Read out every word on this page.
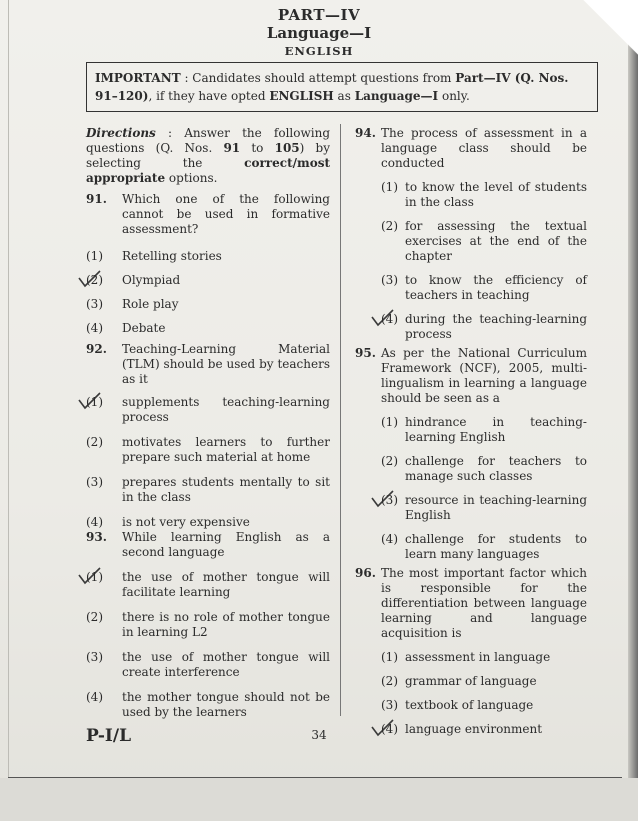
PART—IV
Language—I
ENGLISH
IMPORTANT : Candidates should attempt questions from Part—IV (Q. Nos. 91–120), if they have opted ENGLISH as Language—I only.
Directions : Answer the following questions (Q. Nos. 91 to 105) by selecting the correct/most appropriate options.
91. Which one of the following cannot be used in formative assessment?
(1) Retelling stories
(2) Olympiad
(3) Role play
(4) Debate
92. Teaching-Learning Material (TLM) should be used by teachers as it
(1) supplements teaching-learning process
(2) motivates learners to further prepare such material at home
(3) prepares students mentally to sit in the class
(4) is not very expensive
93. While learning English as a second language
(1) the use of mother tongue will facilitate learning
(2) there is no role of mother tongue in learning L2
(3) the use of mother tongue will create interference
(4) the mother tongue should not be used by the learners
94. The process of assessment in a language class should be conducted
(1) to know the level of students in the class
(2) for assessing the textual exercises at the end of the chapter
(3) to know the efficiency of teachers in teaching
(4) during the teaching-learning process
95. As per the National Curriculum Framework (NCF), 2005, multi-lingualism in learning a language should be seen as a
(1) hindrance in teaching-learning English
(2) challenge for teachers to manage such classes
(3) resource in teaching-learning English
(4) challenge for students to learn many languages
96. The most important factor which is responsible for the differentiation between language learning and language acquisition is
(1) assessment in language
(2) grammar of language
(3) textbook of language
(4) language environment
P-I/L	34
